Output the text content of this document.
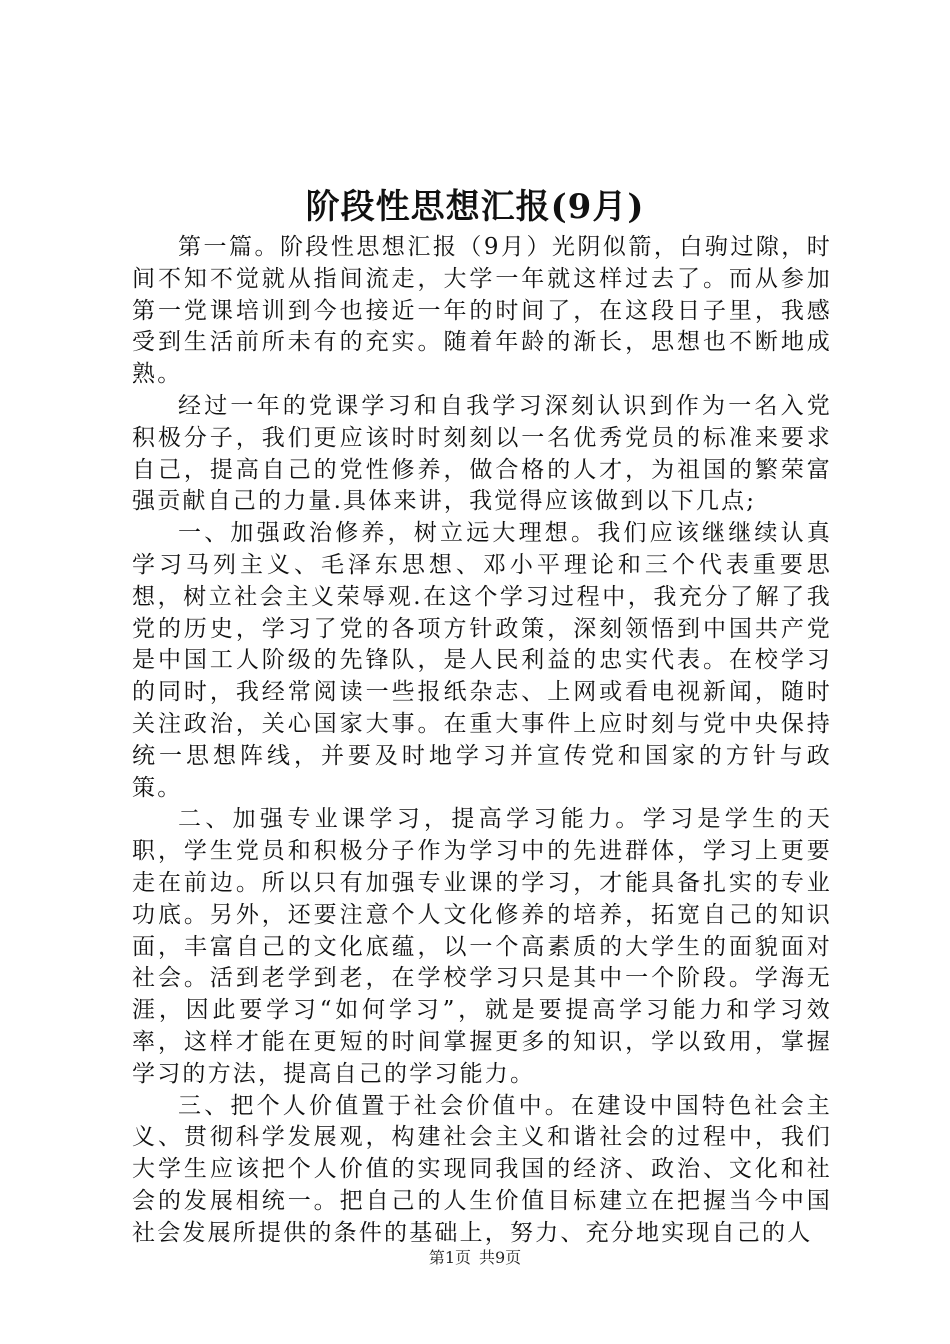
阶段性思想汇报(9月)

第一篇。阶段性思想汇报（9月）光阴似箭，白驹过隙，时间不知不觉就从指间流走，大学一年就这样过去了。而从参加第一党课培训到今也接近一年的时间了，在这段日子里，我感受到生活前所未有的充实。随着年龄的渐长，思想也不断地成熟。

经过一年的党课学习和自我学习深刻认识到作为一名入党积极分子，我们更应该时时刻刻以一名优秀党员的标准来要求自己，提高自己的党性修养，做合格的人才，为祖国的繁荣富强贡献自己的力量.具体来讲，我觉得应该做到以下几点;

一、加强政治修养，树立远大理想。我们应该继继续认真学习马列主义、毛泽东思想、邓小平理论和三个代表重要思想，树立社会主义荣辱观.在这个学习过程中，我充分了解了我党的历史，学习了党的各项方针政策，深刻领悟到中国共产党是中国工人阶级的先锋队，是人民利益的忠实代表。在校学习的同时，我经常阅读一些报纸杂志、上网或看电视新闻，随时关注政治，关心国家大事。在重大事件上应时刻与党中央保持统一思想阵线，并要及时地学习并宣传党和国家的方针与政策。

二、加强专业课学习，提高学习能力。学习是学生的天职，学生党员和积极分子作为学习中的先进群体，学习上更要走在前边。所以只有加强专业课的学习，才能具备扎实的专业功底。另外，还要注意个人文化修养的培养，拓宽自己的知识面，丰富自己的文化底蕴，以一个高素质的大学生的面貌面对社会。活到老学到老，在学校学习只是其中一个阶段。学海无涯，因此要学习“如何学习”，就是要提高学习能力和学习效率，这样才能在更短的时间掌握更多的知识，学以致用，掌握学习的方法，提高自己的学习能力。

三、把个人价值置于社会价值中。在建设中国特色社会主义、贯彻科学发展观，构建社会主义和谐社会的过程中，我们大学生应该把个人价值的实现同我国的经济、政治、文化和社会的发展相统一。把自己的人生价值目标建立在把握当今中国社会发展所提供的条件的基础上，努力、充分地实现自己的人

第1页 共9页
